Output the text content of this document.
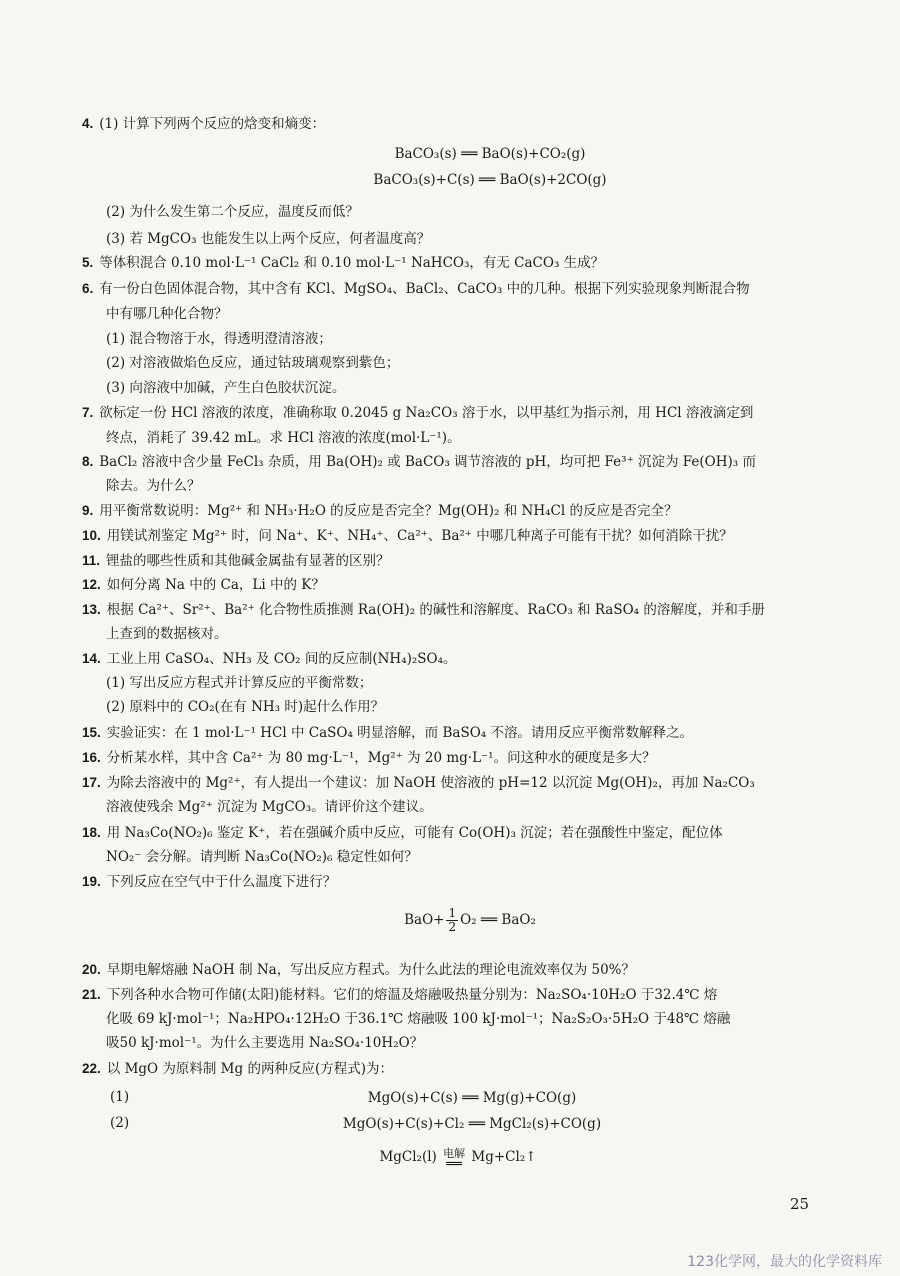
4. (1) 计算下列两个反应的焓变和熵变：
BaCO₃(s) ══ BaO(s)+CO₂(g)
BaCO₃(s)+C(s) ══ BaO(s)+2CO(g)
(2) 为什么发生第二个反应，温度反而低？
(3) 若 MgCO₃ 也能发生以上两个反应，何者温度高？
5. 等体积混合 0.10 mol·L⁻¹ CaCl₂ 和 0.10 mol·L⁻¹ NaHCO₃，有无 CaCO₃ 生成？
6. 有一份白色固体混合物，其中含有 KCl、MgSO₄、BaCl₂、CaCO₃ 中的几种。根据下列实验现象判断混合物
中有哪几种化合物？
(1) 混合物溶于水，得透明澄清溶液；
(2) 对溶液做焰色反应，通过钴玻璃观察到紫色；
(3) 向溶液中加碱，产生白色胶状沉淀。
7. 欲标定一份 HCl 溶液的浓度，准确称取 0.2045 g Na₂CO₃ 溶于水，以甲基红为指示剂，用 HCl 溶液滴定到
终点，消耗了 39.42 mL。求 HCl 溶液的浓度(mol·L⁻¹)。
8. BaCl₂ 溶液中含少量 FeCl₃ 杂质，用 Ba(OH)₂ 或 BaCO₃ 调节溶液的 pH，均可把 Fe³⁺ 沉淀为 Fe(OH)₃ 而
除去。为什么？
9. 用平衡常数说明：Mg²⁺ 和 NH₃·H₂O 的反应是否完全？Mg(OH)₂ 和 NH₄Cl 的反应是否完全？
10. 用镁试剂鉴定 Mg²⁺ 时，问 Na⁺、K⁺、NH₄⁺、Ca²⁺、Ba²⁺ 中哪几种离子可能有干扰？如何消除干扰？
11. 锂盐的哪些性质和其他碱金属盐有显著的区别？
12. 如何分离 Na 中的 Ca，Li 中的 K？
13. 根据 Ca²⁺、Sr²⁺、Ba²⁺ 化合物性质推测 Ra(OH)₂ 的碱性和溶解度、RaCO₃ 和 RaSO₄ 的溶解度，并和手册
上查到的数据核对。
14. 工业上用 CaSO₄、NH₃ 及 CO₂ 间的反应制(NH₄)₂SO₄。
(1) 写出反应方程式并计算反应的平衡常数；
(2) 原料中的 CO₂(在有 NH₃ 时)起什么作用？
15. 实验证实：在 1 mol·L⁻¹ HCl 中 CaSO₄ 明显溶解，而 BaSO₄ 不溶。请用反应平衡常数解释之。
16. 分析某水样，其中含 Ca²⁺ 为 80 mg·L⁻¹，Mg²⁺ 为 20 mg·L⁻¹。问这种水的硬度是多大？
17. 为除去溶液中的 Mg²⁺，有人提出一个建议：加 NaOH 使溶液的 pH=12 以沉淀 Mg(OH)₂，再加 Na₂CO₃
溶液使残余 Mg²⁺ 沉淀为 MgCO₃。请评价这个建议。
18. 用 Na₃Co(NO₂)₆ 鉴定 K⁺，若在强碱介质中反应，可能有 Co(OH)₃ 沉淀；若在强酸性中鉴定，配位体
NO₂⁻ 会分解。请判断 Na₃Co(NO₂)₆ 稳定性如何？
19. 下列反应在空气中于什么温度下进行？
$BaO+ \frac{1}{2} O_2$ ══ BaO₂
20. 早期电解熔融 NaOH 制 Na，写出反应方程式。为什么此法的理论电流效率仅为 50%？
21. 下列各种水合物可作储(太阳)能材料。它们的熔温及熔融吸热量分别为：Na₂SO₄·10H₂O 于32.4℃ 熔
化吸 69 kJ·mol⁻¹；Na₂HPO₄·12H₂O 于36.1℃ 熔融吸 100 kJ·mol⁻¹；Na₂S₂O₃·5H₂O 于48℃ 熔融
吸50 kJ·mol⁻¹。为什么主要选用 Na₂SO₄·10H₂O？
22. 以 MgO 为原料制 Mg 的两种反应(方程式)为：
(1)	MgO(s)+C(s) ══ Mg(g)+CO(g)
(2)	MgO(s)+C(s)+Cl₂ ══ MgCl₂(s)+CO(g)
MgCl₂(l) 电解
══ Mg+Cl₂↑
25
123化学网，最大的化学资料库
